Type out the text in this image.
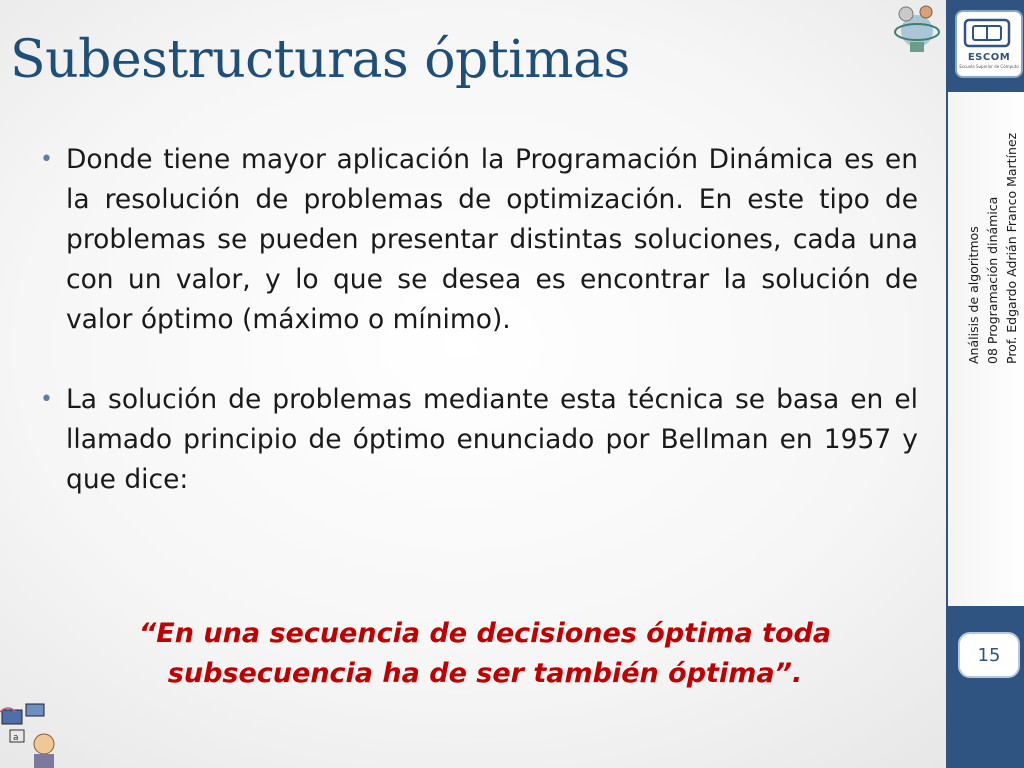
Subestructuras óptimas
• Donde tiene mayor aplicación la Programación Dinámica es en la resolución de problemas de optimización. En este tipo de problemas se pueden presentar distintas soluciones, cada una con un valor, y lo que se desea es encontrar la solución de valor óptimo (máximo o mínimo).

• La solución de problemas mediante esta técnica se basa en el llamado principio de óptimo enunciado por Bellman en 1957 y que dice:

“En una secuencia de decisiones óptima toda subsecuencia ha de ser también óptima”.

ESCOM
Escuela Superior de Cómputo
Análisis de algoritmos 08 Programación dinámica Prof. Edgardo Adrián Franco Martínez
15
a
